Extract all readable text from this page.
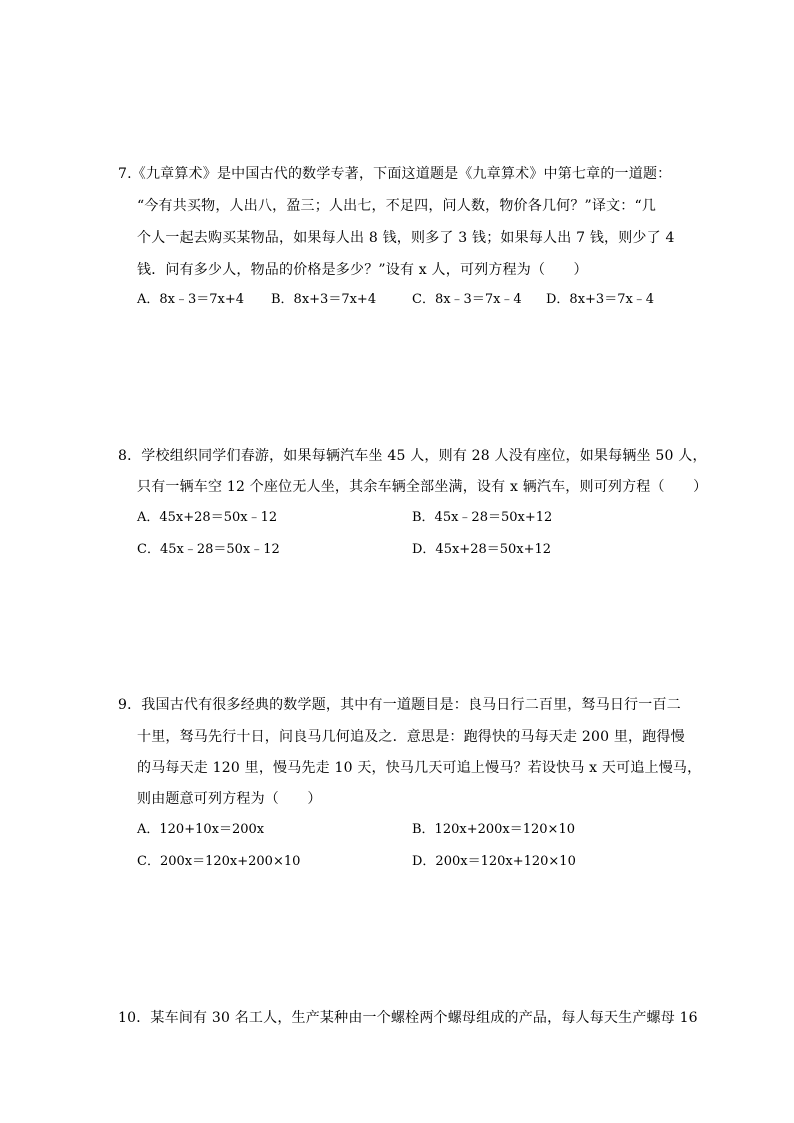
7.《九章算术》是中国古代的数学专著，下面这道题是《九章算术》中第七章的一道题：
“今有共买物，人出八，盈三；人出七，不足四，问人数，物价各几何？”译文：“几
个人一起去购买某物品，如果每人出 8 钱，则多了 3 钱；如果每人出 7 钱，则少了 4
钱．问有多少人，物品的价格是多少？”设有 x 人，可列方程为（　　）
A．8x﹣3＝7x+4 B．8x+3＝7x+4	C．8x﹣3＝7x﹣4 D．8x+3＝7x﹣4
8．学校组织同学们春游，如果每辆汽车坐 45 人，则有 28 人没有座位，如果每辆坐 50 人，
只有一辆车空 12 个座位无人坐，其余车辆全部坐满，设有 x 辆汽车，则可列方程（　　）
A．45x+28＝50x﹣12	B．45x﹣28＝50x+12
C．45x﹣28＝50x﹣12	D．45x+28＝50x+12
9．我国古代有很多经典的数学题，其中有一道题目是：良马日行二百里，驽马日行一百二
十里，驽马先行十日，问良马几何追及之．意思是：跑得快的马每天走 200 里，跑得慢
的马每天走 120 里，慢马先走 10 天，快马几天可追上慢马？若设快马 x 天可追上慢马，
则由题意可列方程为（　　）
A．120+10x＝200x	B．120x+200x＝120×10
C．200x＝120x+200×10	D．200x＝120x+120×10
10．某车间有 30 名工人，生产某种由一个螺栓两个螺母组成的产品，每人每天生产螺母 16
